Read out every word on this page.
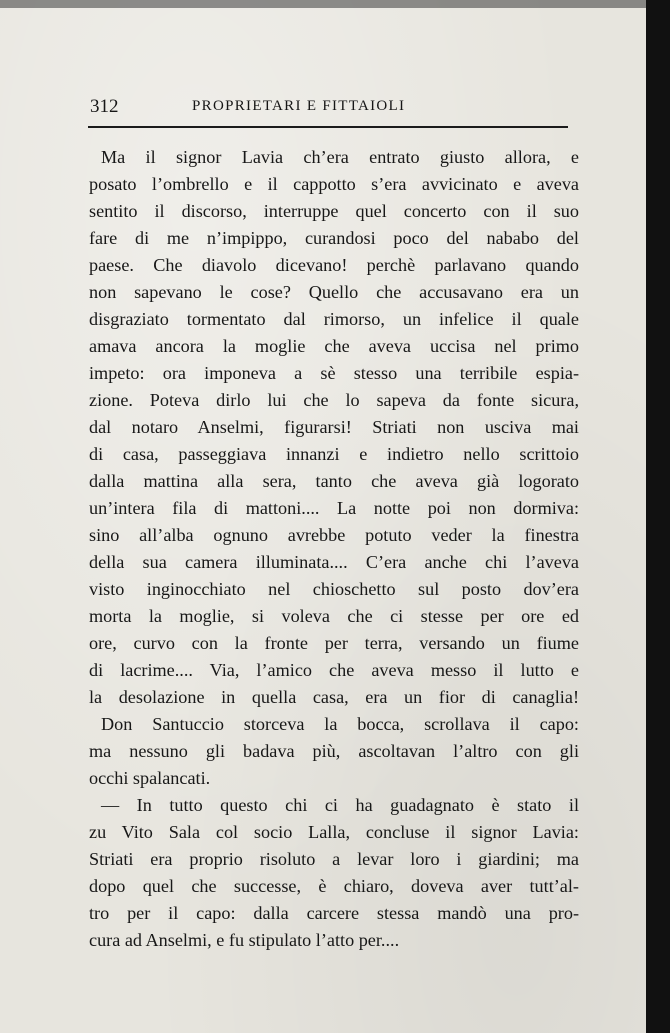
312	PROPRIETARI E FITTAIOLI
Ma il signor Lavia ch’era entrato giusto allora, e
posato l’ombrello e il cappotto s’era avvicinato e aveva
sentito il discorso, interruppe quel concerto con il suo
fare di me n’impippo, curandosi poco del nababo del
paese. Che diavolo dicevano! perchè parlavano quando
non sapevano le cose? Quello che accusavano era un
disgraziato tormentato dal rimorso, un infelice il quale
amava ancora la moglie che aveva uccisa nel primo
impeto: ora imponeva a sè stesso una terribile espia-
zione. Poteva dirlo lui che lo sapeva da fonte sicura,
dal notaro Anselmi, figurarsi! Striati non usciva mai
di casa, passeggiava innanzi e indietro nello scrittoio
dalla mattina alla sera, tanto che aveva già logorato
un’intera fila di mattoni.... La notte poi non dormiva:
sino all’alba ognuno avrebbe potuto veder la finestra
della sua camera illuminata.... C’era anche chi l’aveva
visto inginocchiato nel chioschetto sul posto dov’era
morta la moglie, si voleva che ci stesse per ore ed
ore, curvo con la fronte per terra, versando un fiume
di lacrime.... Via, l’amico che aveva messo il lutto e
la desolazione in quella casa, era un fior di canaglia!
Don Santuccio storceva la bocca, scrollava il capo:
ma nessuno gli badava più, ascoltavan l’altro con gli
occhi spalancati.
— In tutto questo chi ci ha guadagnato è stato il
zu Vito Sala col socio Lalla, concluse il signor Lavia:
Striati era proprio risoluto a levar loro i giardini; ma
dopo quel che successe, è chiaro, doveva aver tutt’al-
tro per il capo: dalla carcere stessa mandò una pro-
cura ad Anselmi, e fu stipulato l’atto per....
